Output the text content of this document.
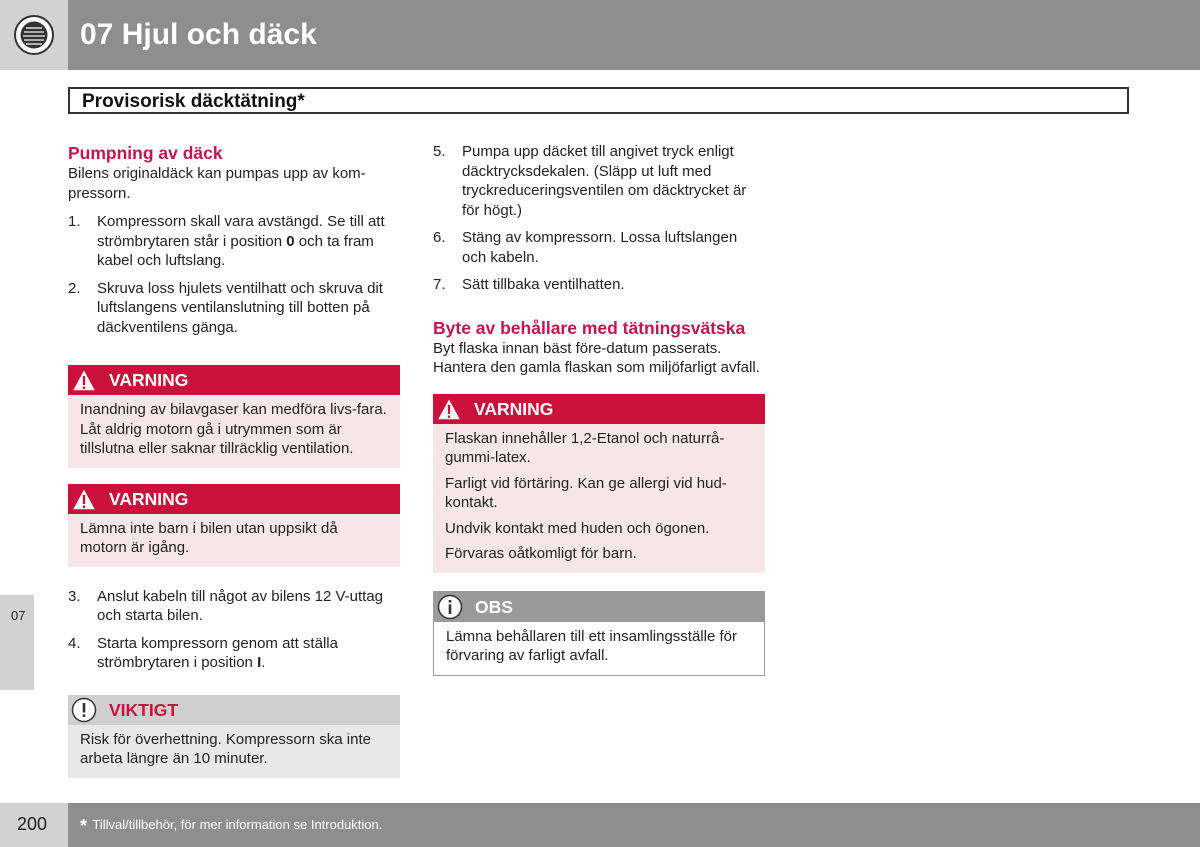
07 Hjul och däck
Provisorisk däcktätning*
07
Pumpning av däck

Bilens originaldäck kan pumpas upp av kom-pressorn.

1. Kompressorn skall vara avstängd. Se till att strömbrytaren står i position 0 och ta fram kabel och luftslang.
2. Skruva loss hjulets ventilhatt och skruva dit luftslangens ventilanslutning till botten på däckventilens gänga.
VARNING

Inandning av bilavgaser kan medföra livs-fara. Låt aldrig motorn gå i utrymmen som är tillslutna eller saknar tillräcklig ventilation.

VARNING

Lämna inte barn i bilen utan uppsikt då motorn är igång.

3. Anslut kabeln till något av bilens 12 V-uttag och starta bilen.
4. Starta kompressorn genom att ställa strömbrytaren i position I.
VIKTIGT

Risk för överhettning. Kompressorn ska inte arbeta längre än 10 minuter.

5. Pumpa upp däcket till angivet tryck enligt däcktrycksdekalen. (Släpp ut luft med tryckreduceringsventilen om däcktrycket är för högt.)
6. Stäng av kompressorn. Lossa luftslangen och kabeln.
7. Sätt tillbaka ventilhatten.
Byte av behållare med tätningsvätska

Byt flaska innan bäst före-datum passerats. Hantera den gamla flaskan som miljöfarligt avfall.

VARNING

Flaskan innehåller 1,2-Etanol och naturrå-gummi-latex.

Farligt vid förtäring. Kan ge allergi vid hud-kontakt.

Undvik kontakt med huden och ögonen.

Förvaras oåtkomligt för barn.

OBS

Lämna behållaren till ett insamlingsställe för förvaring av farligt avfall.

200 * Tillval/tillbehör, för mer information se Introduktion.
